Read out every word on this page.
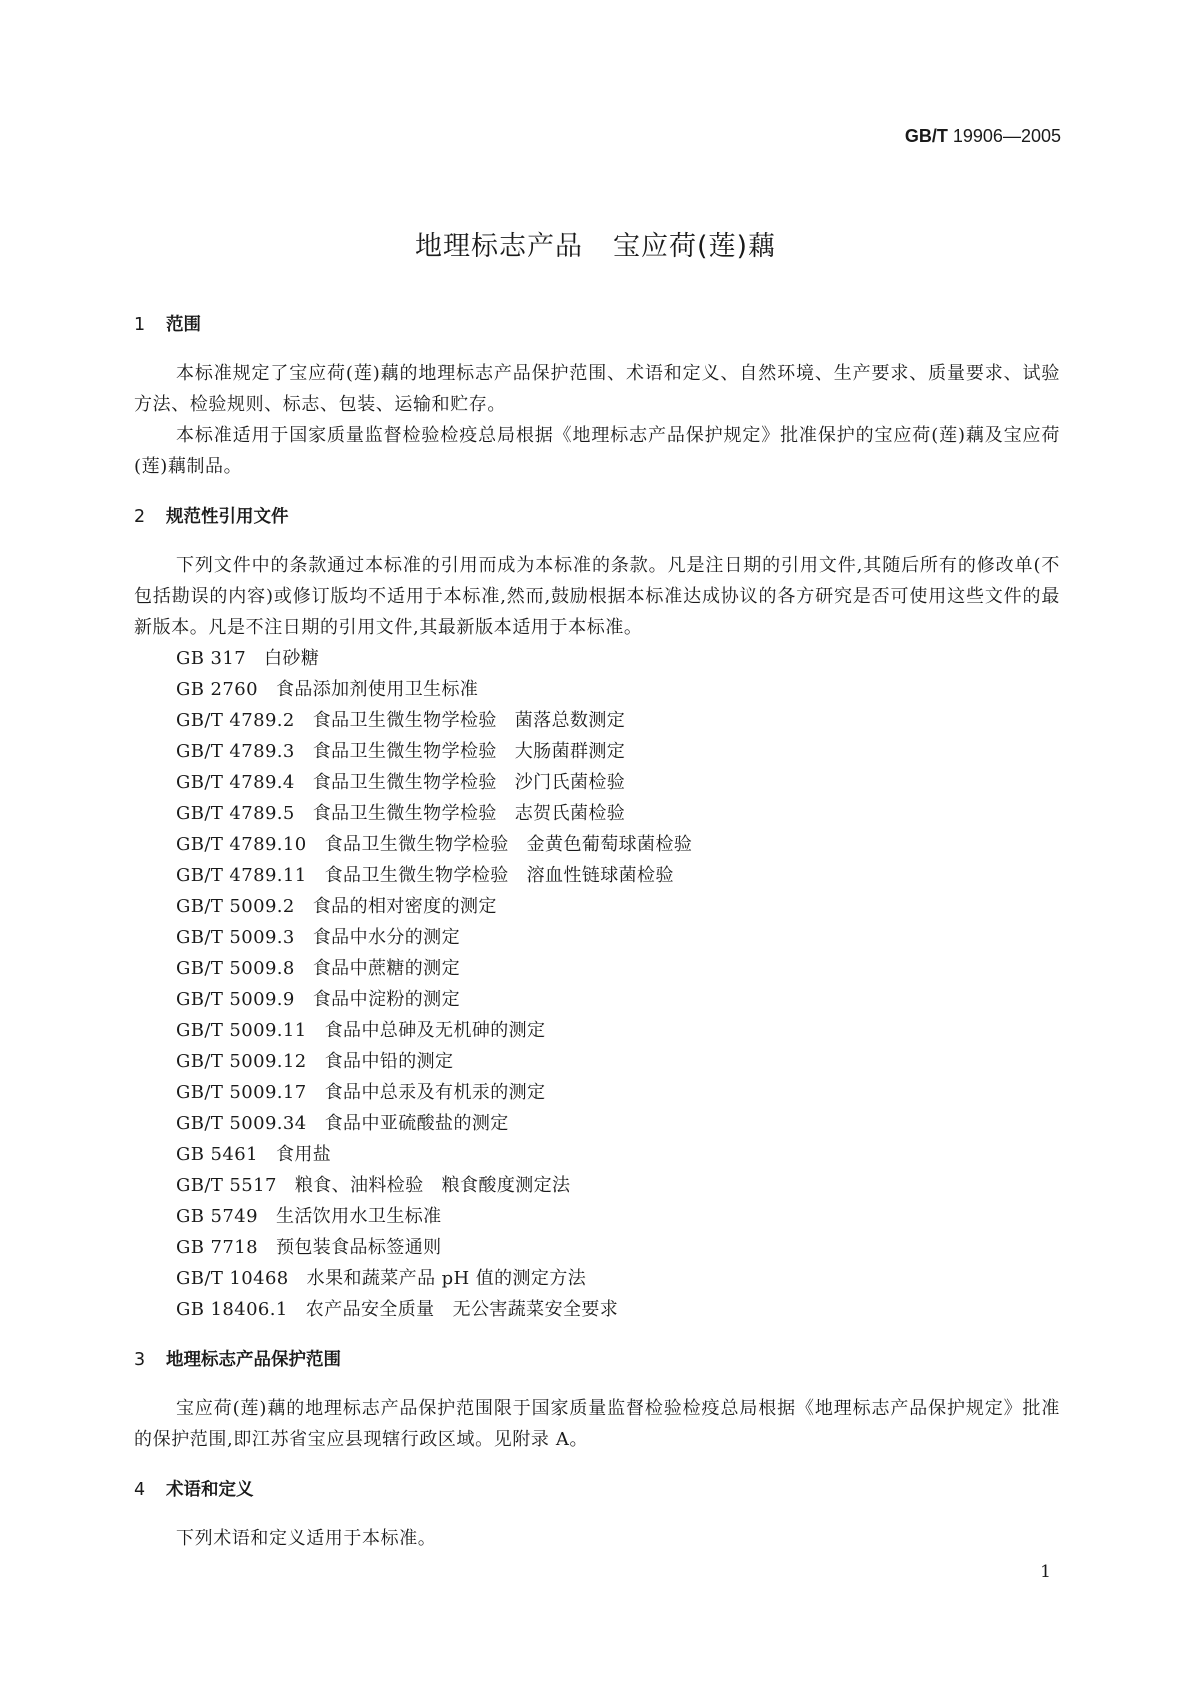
GB/T 19906—2005
地理标志产品 宝应荷(莲)藕
1 范围

本标准规定了宝应荷(莲)藕的地理标志产品保护范围、术语和定义、自然环境、生产要求、质量要求、试验方法、检验规则、标志、包装、运输和贮存。

本标准适用于国家质量监督检验检疫总局根据《地理标志产品保护规定》批准保护的宝应荷(莲)藕及宝应荷(莲)藕制品。

2 规范性引用文件

下列文件中的条款通过本标准的引用而成为本标准的条款。凡是注日期的引用文件,其随后所有的修改单(不包括勘误的内容)或修订版均不适用于本标准,然而,鼓励根据本标准达成协议的各方研究是否可使用这些文件的最新版本。凡是不注日期的引用文件,其最新版本适用于本标准。

GB 317 白砂糖
GB 2760 食品添加剂使用卫生标准
GB/T 4789.2 食品卫生微生物学检验 菌落总数测定
GB/T 4789.3 食品卫生微生物学检验 大肠菌群测定
GB/T 4789.4 食品卫生微生物学检验 沙门氏菌检验
GB/T 4789.5 食品卫生微生物学检验 志贺氏菌检验
GB/T 4789.10 食品卫生微生物学检验 金黄色葡萄球菌检验
GB/T 4789.11 食品卫生微生物学检验 溶血性链球菌检验
GB/T 5009.2 食品的相对密度的测定
GB/T 5009.3 食品中水分的测定
GB/T 5009.8 食品中蔗糖的测定
GB/T 5009.9 食品中淀粉的测定
GB/T 5009.11 食品中总砷及无机砷的测定
GB/T 5009.12 食品中铅的测定
GB/T 5009.17 食品中总汞及有机汞的测定
GB/T 5009.34 食品中亚硫酸盐的测定
GB 5461 食用盐
GB/T 5517 粮食、油料检验 粮食酸度测定法
GB 5749 生活饮用水卫生标准
GB 7718 预包装食品标签通则
GB/T 10468 水果和蔬菜产品 pH 值的测定方法
GB 18406.1 农产品安全质量 无公害蔬菜安全要求
3 地理标志产品保护范围

宝应荷(莲)藕的地理标志产品保护范围限于国家质量监督检验检疫总局根据《地理标志产品保护规定》批准的保护范围,即江苏省宝应县现辖行政区域。见附录 A。

4 术语和定义

下列术语和定义适用于本标准。

1
